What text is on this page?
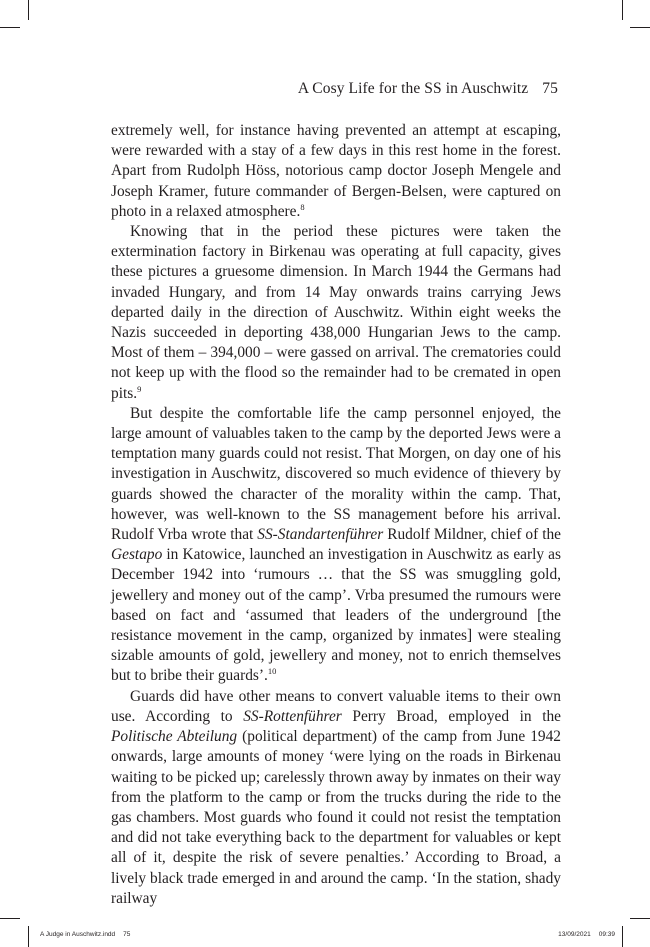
A Cosy Life for the SS in Auschwitz 75

extremely well, for instance having prevented an attempt at escaping, were rewarded with a stay of a few days in this rest home in the forest. Apart from Rudolph Höss, notorious camp doctor Joseph Mengele and Joseph Kramer, future commander of Bergen-Belsen, were captured on photo in a relaxed atmosphere.$^8$

Knowing that in the period these pictures were taken the extermination factory in Birkenau was operating at full capacity, gives these pictures a gruesome dimension. In March 1944 the Germans had invaded Hungary, and from 14 May onwards trains carrying Jews departed daily in the direction of Auschwitz. Within eight weeks the Nazis succeeded in deporting 438,000 Hungarian Jews to the camp. Most of them – 394,000 – were gassed on arrival. The crematories could not keep up with the flood so the remainder had to be cremated in open pits.$^9$

But despite the comfortable life the camp personnel enjoyed, the large amount of valuables taken to the camp by the deported Jews were a temptation many guards could not resist. That Morgen, on day one of his investigation in Auschwitz, discovered so much evidence of thievery by guards showed the character of the morality within the camp. That, however, was well-known to the SS management before his arrival. Rudolf Vrba wrote that SS-Standartenführer Rudolf Mildner, chief of the Gestapo in Katowice, launched an investigation in Auschwitz as early as December 1942 into ‘rumours … that the SS was smuggling gold, jewellery and money out of the camp’. Vrba presumed the rumours were based on fact and ‘assumed that leaders of the underground [the resistance movement in the camp, organized by inmates] were stealing sizable amounts of gold, jewellery and money, not to enrich themselves but to bribe their guards’.$^{10}$

Guards did have other means to convert valuable items to their own use. According to SS-Rottenführer Perry Broad, employed in the Politische Abteilung (political department) of the camp from June 1942 onwards, large amounts of money ‘were lying on the roads in Birkenau waiting to be picked up; carelessly thrown away by inmates on their way from the platform to the camp or from the trucks during the ride to the gas chambers. Most guards who found it could not resist the temptation and did not take everything back to the department for valuables or kept all of it, despite the risk of severe penalties.’ According to Broad, a lively black trade emerged in and around the camp. ‘In the station, shady railway

A Judge in Auschwitz.indd 75	13/09/2021 09:39
